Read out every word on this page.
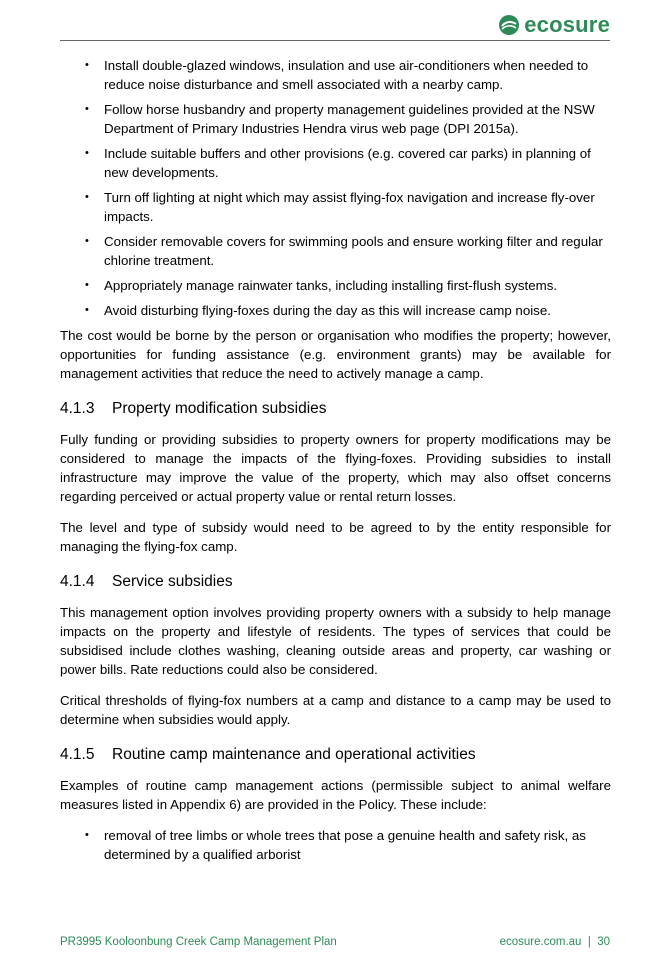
ecosure
• Install double-glazed windows, insulation and use air-conditioners when needed to reduce noise disturbance and smell associated with a nearby camp.
• Follow horse husbandry and property management guidelines provided at the NSW Department of Primary Industries Hendra virus web page (DPI 2015a).
• Include suitable buffers and other provisions (e.g. covered car parks) in planning of new developments.
• Turn off lighting at night which may assist flying-fox navigation and increase fly-over impacts.
• Consider removable covers for swimming pools and ensure working filter and regular chlorine treatment.
• Appropriately manage rainwater tanks, including installing first-flush systems.
• Avoid disturbing flying-foxes during the day as this will increase camp noise.

The cost would be borne by the person or organisation who modifies the property; however, opportunities for funding assistance (e.g. environment grants) may be available for management activities that reduce the need to actively manage a camp.

4.1.3	Property modification subsidies

Fully funding or providing subsidies to property owners for property modifications may be considered to manage the impacts of the flying-foxes. Providing subsidies to install infrastructure may improve the value of the property, which may also offset concerns regarding perceived or actual property value or rental return losses.

The level and type of subsidy would need to be agreed to by the entity responsible for managing the flying-fox camp.

4.1.4	Service subsidies

This management option involves providing property owners with a subsidy to help manage impacts on the property and lifestyle of residents. The types of services that could be subsidised include clothes washing, cleaning outside areas and property, car washing or power bills. Rate reductions could also be considered.

Critical thresholds of flying-fox numbers at a camp and distance to a camp may be used to determine when subsidies would apply.

4.1.5	Routine camp maintenance and operational activities

Examples of routine camp management actions (permissible subject to animal welfare measures listed in Appendix 6) are provided in the Policy. These include:

• removal of tree limbs or whole trees that pose a genuine health and safety risk, as determined by a qualified arborist
PR3995 Kooloonbung Creek Camp Management Plan	ecosure.com.au  |  30
